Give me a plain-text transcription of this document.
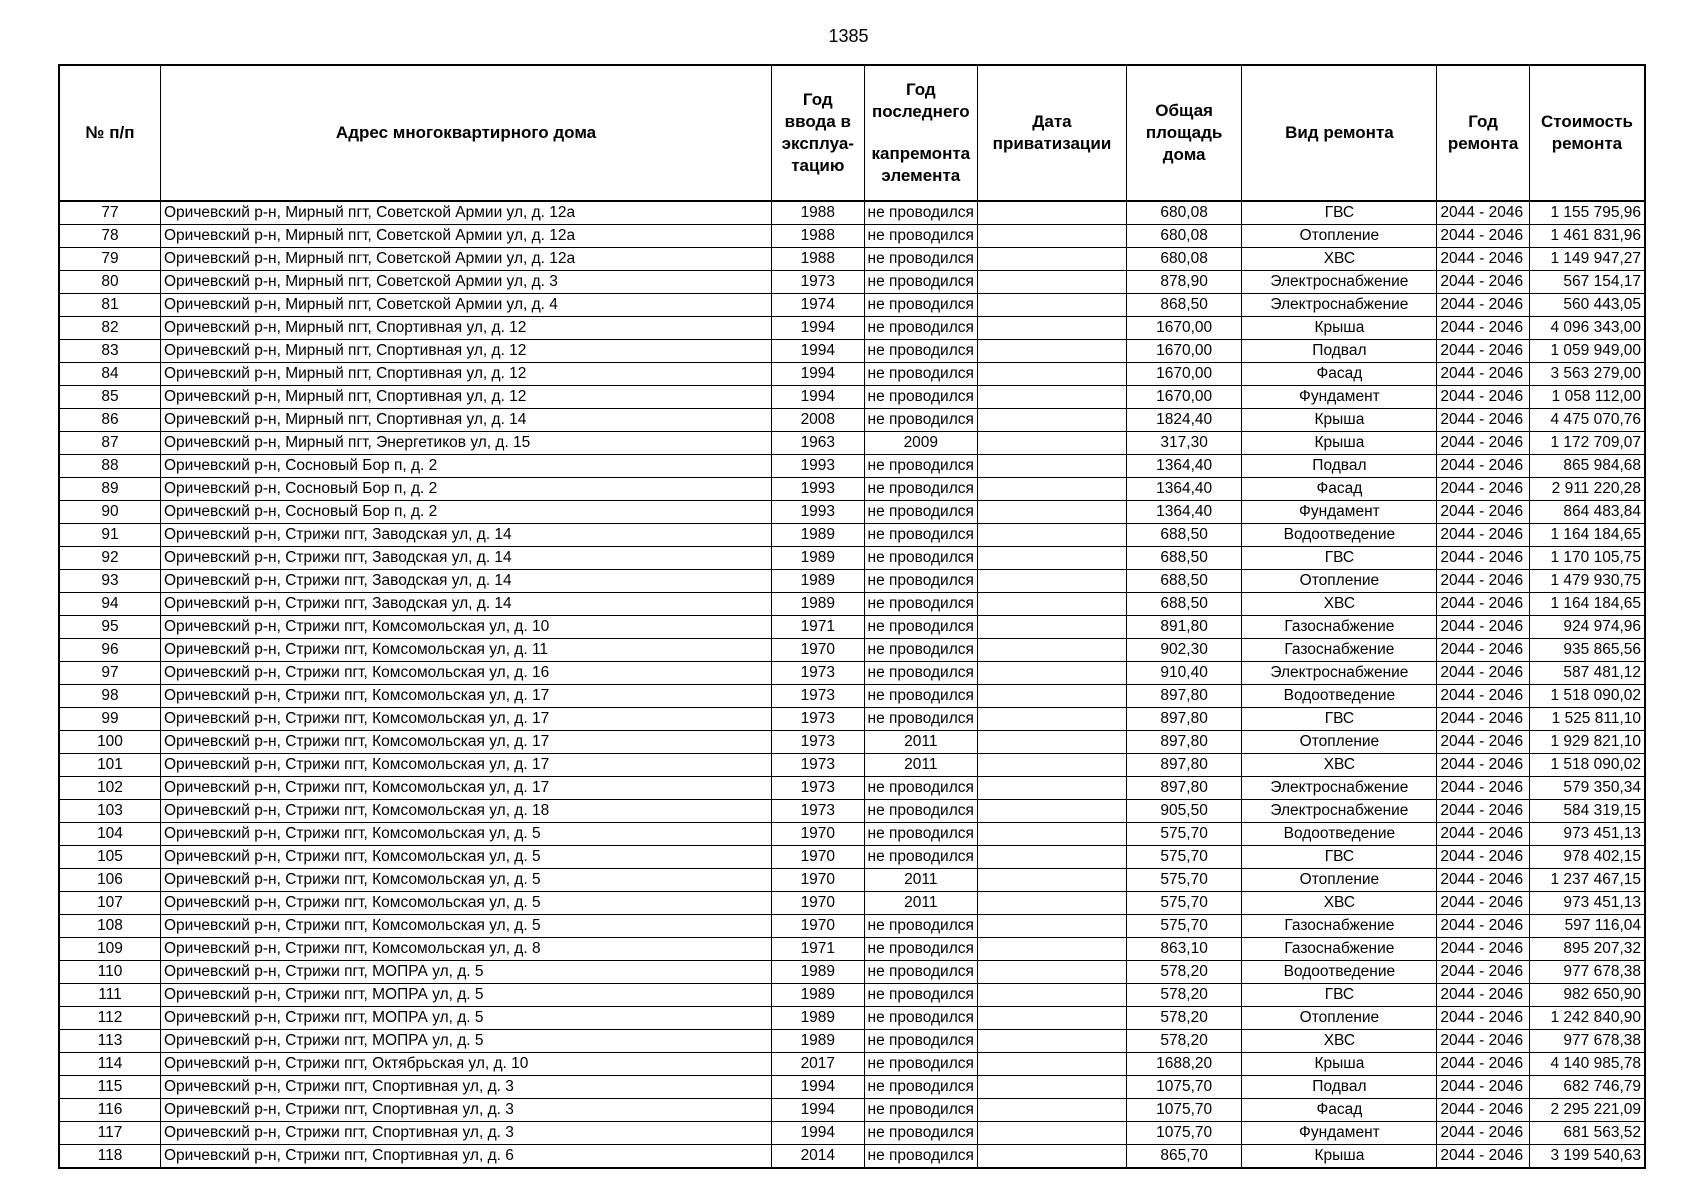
1385
№ п/п	Адрес многоквартирного дома	Год ввода в эксплуа-тацию	Год последнего
капремонта элемента	Дата приватизации	Общая площадь дома	Вид ремонта	Год ремонта	Стоимость ремонта
77	Оричевский р-н, Мирный пгт, Советской Армии ул, д. 12а	1988	не проводился		680,08	ГВС	2044 - 2046	1 155 795,96
78	Оричевский р-н, Мирный пгт, Советской Армии ул, д. 12а	1988	не проводился		680,08	Отопление	2044 - 2046	1 461 831,96
79	Оричевский р-н, Мирный пгт, Советской Армии ул, д. 12а	1988	не проводился		680,08	ХВС	2044 - 2046	1 149 947,27
80	Оричевский р-н, Мирный пгт, Советской Армии ул, д. 3	1973	не проводился		878,90	Электроснабжение	2044 - 2046	567 154,17
81	Оричевский р-н, Мирный пгт, Советской Армии ул, д. 4	1974	не проводился		868,50	Электроснабжение	2044 - 2046	560 443,05
82	Оричевский р-н, Мирный пгт, Спортивная ул, д. 12	1994	не проводился		1670,00	Крыша	2044 - 2046	4 096 343,00
83	Оричевский р-н, Мирный пгт, Спортивная ул, д. 12	1994	не проводился		1670,00	Подвал	2044 - 2046	1 059 949,00
84	Оричевский р-н, Мирный пгт, Спортивная ул, д. 12	1994	не проводился		1670,00	Фасад	2044 - 2046	3 563 279,00
85	Оричевский р-н, Мирный пгт, Спортивная ул, д. 12	1994	не проводился		1670,00	Фундамент	2044 - 2046	1 058 112,00
86	Оричевский р-н, Мирный пгт, Спортивная ул, д. 14	2008	не проводился		1824,40	Крыша	2044 - 2046	4 475 070,76
87	Оричевский р-н, Мирный пгт, Энергетиков ул, д. 15	1963	2009		317,30	Крыша	2044 - 2046	1 172 709,07
88	Оричевский р-н, Сосновый Бор п, д. 2	1993	не проводился		1364,40	Подвал	2044 - 2046	865 984,68
89	Оричевский р-н, Сосновый Бор п, д. 2	1993	не проводился		1364,40	Фасад	2044 - 2046	2 911 220,28
90	Оричевский р-н, Сосновый Бор п, д. 2	1993	не проводился		1364,40	Фундамент	2044 - 2046	864 483,84
91	Оричевский р-н, Стрижи пгт, Заводская ул, д. 14	1989	не проводился		688,50	Водоотведение	2044 - 2046	1 164 184,65
92	Оричевский р-н, Стрижи пгт, Заводская ул, д. 14	1989	не проводился		688,50	ГВС	2044 - 2046	1 170 105,75
93	Оричевский р-н, Стрижи пгт, Заводская ул, д. 14	1989	не проводился		688,50	Отопление	2044 - 2046	1 479 930,75
94	Оричевский р-н, Стрижи пгт, Заводская ул, д. 14	1989	не проводился		688,50	ХВС	2044 - 2046	1 164 184,65
95	Оричевский р-н, Стрижи пгт, Комсомольская ул, д. 10	1971	не проводился		891,80	Газоснабжение	2044 - 2046	924 974,96
96	Оричевский р-н, Стрижи пгт, Комсомольская ул, д. 11	1970	не проводился		902,30	Газоснабжение	2044 - 2046	935 865,56
97	Оричевский р-н, Стрижи пгт, Комсомольская ул, д. 16	1973	не проводился		910,40	Электроснабжение	2044 - 2046	587 481,12
98	Оричевский р-н, Стрижи пгт, Комсомольская ул, д. 17	1973	не проводился		897,80	Водоотведение	2044 - 2046	1 518 090,02
99	Оричевский р-н, Стрижи пгт, Комсомольская ул, д. 17	1973	не проводился		897,80	ГВС	2044 - 2046	1 525 811,10
100	Оричевский р-н, Стрижи пгт, Комсомольская ул, д. 17	1973	2011		897,80	Отопление	2044 - 2046	1 929 821,10
101	Оричевский р-н, Стрижи пгт, Комсомольская ул, д. 17	1973	2011		897,80	ХВС	2044 - 2046	1 518 090,02
102	Оричевский р-н, Стрижи пгт, Комсомольская ул, д. 17	1973	не проводился		897,80	Электроснабжение	2044 - 2046	579 350,34
103	Оричевский р-н, Стрижи пгт, Комсомольская ул, д. 18	1973	не проводился		905,50	Электроснабжение	2044 - 2046	584 319,15
104	Оричевский р-н, Стрижи пгт, Комсомольская ул, д. 5	1970	не проводился		575,70	Водоотведение	2044 - 2046	973 451,13
105	Оричевский р-н, Стрижи пгт, Комсомольская ул, д. 5	1970	не проводился		575,70	ГВС	2044 - 2046	978 402,15
106	Оричевский р-н, Стрижи пгт, Комсомольская ул, д. 5	1970	2011		575,70	Отопление	2044 - 2046	1 237 467,15
107	Оричевский р-н, Стрижи пгт, Комсомольская ул, д. 5	1970	2011		575,70	ХВС	2044 - 2046	973 451,13
108	Оричевский р-н, Стрижи пгт, Комсомольская ул, д. 5	1970	не проводился		575,70	Газоснабжение	2044 - 2046	597 116,04
109	Оричевский р-н, Стрижи пгт, Комсомольская ул, д. 8	1971	не проводился		863,10	Газоснабжение	2044 - 2046	895 207,32
110	Оричевский р-н, Стрижи пгт, МОПРА ул, д. 5	1989	не проводился		578,20	Водоотведение	2044 - 2046	977 678,38
111	Оричевский р-н, Стрижи пгт, МОПРА ул, д. 5	1989	не проводился		578,20	ГВС	2044 - 2046	982 650,90
112	Оричевский р-н, Стрижи пгт, МОПРА ул, д. 5	1989	не проводился		578,20	Отопление	2044 - 2046	1 242 840,90
113	Оричевский р-н, Стрижи пгт, МОПРА ул, д. 5	1989	не проводился		578,20	ХВС	2044 - 2046	977 678,38
114	Оричевский р-н, Стрижи пгт, Октябрьская ул, д. 10	2017	не проводился		1688,20	Крыша	2044 - 2046	4 140 985,78
115	Оричевский р-н, Стрижи пгт, Спортивная ул, д. 3	1994	не проводился		1075,70	Подвал	2044 - 2046	682 746,79
116	Оричевский р-н, Стрижи пгт, Спортивная ул, д. 3	1994	не проводился		1075,70	Фасад	2044 - 2046	2 295 221,09
117	Оричевский р-н, Стрижи пгт, Спортивная ул, д. 3	1994	не проводился		1075,70	Фундамент	2044 - 2046	681 563,52
118	Оричевский р-н, Стрижи пгт, Спортивная ул, д. 6	2014	не проводился		865,70	Крыша	2044 - 2046	3 199 540,63
